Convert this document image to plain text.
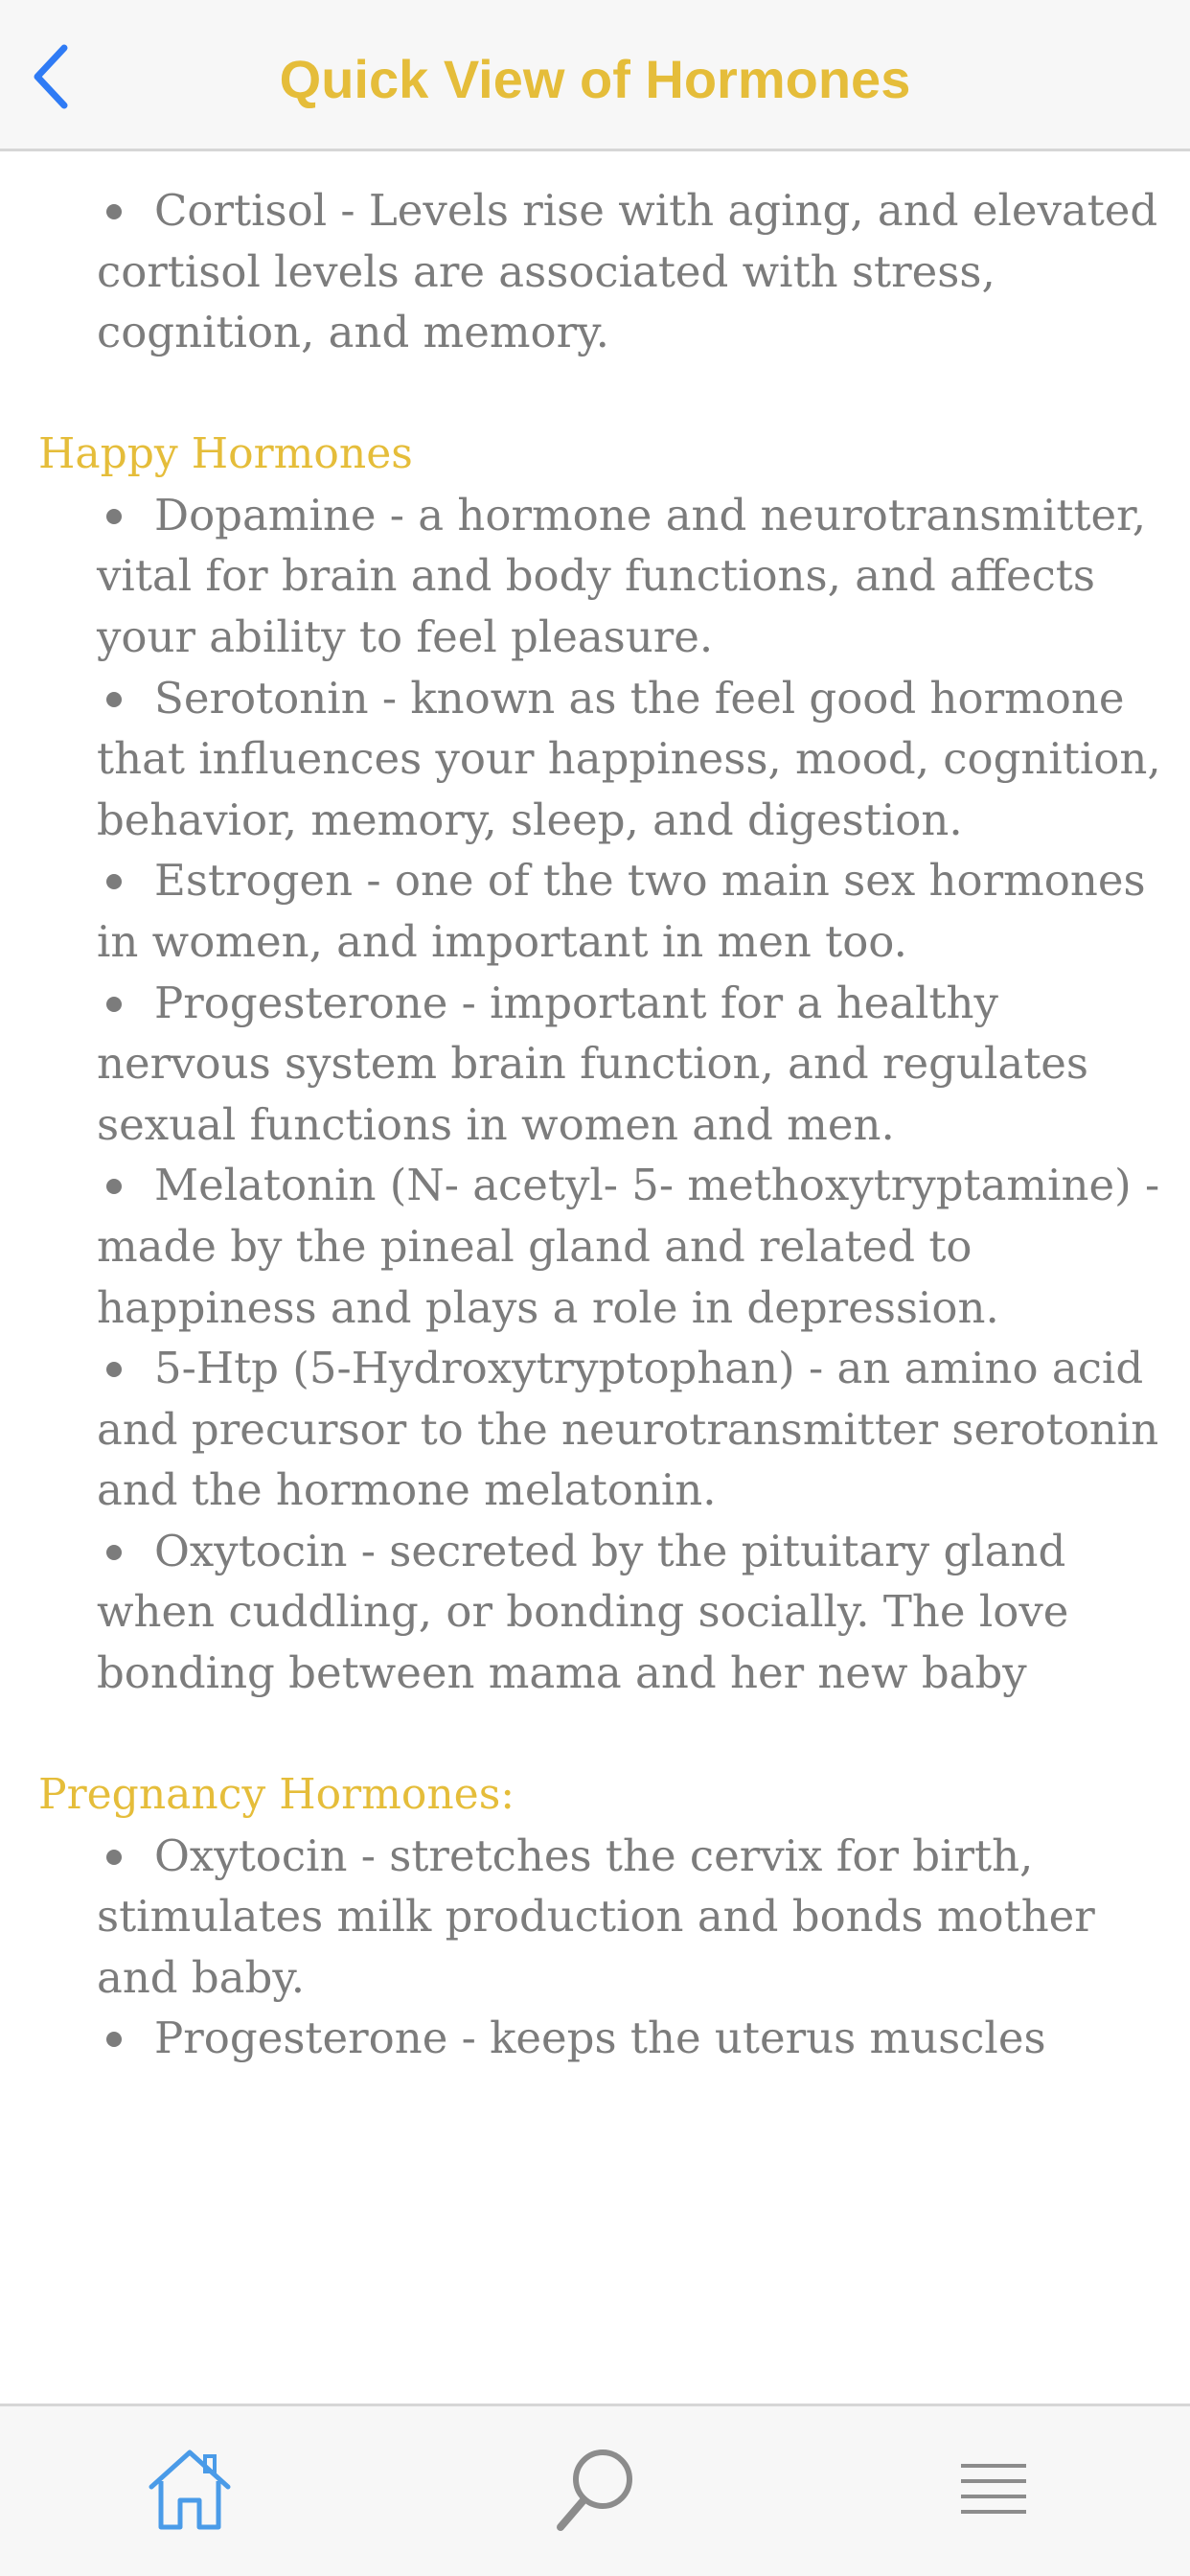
Quick View of Hormones

Cortisol - Levels rise with aging, and elevated cortisol levels are associated with stress, cognition, and memory.

Happy Hormones

Dopamine - a hormone and neurotransmitter, vital for brain and body functions, and affects your ability to feel pleasure.

Serotonin - known as the feel good hormone that influences your happiness, mood, cognition, behavior, memory, sleep, and digestion.

Estrogen - one of the two main sex hormones in women, and important in men too.

Progesterone - important for a healthy nervous system brain function, and regulates sexual functions in women and men.

Melatonin (N- acetyl- 5- methoxytryptamine) - made by the pineal gland and related to happiness and plays a role in depression.

5-Htp (5-Hydroxytryptophan) - an amino acid and precursor to the neurotransmitter serotonin and the hormone melatonin.

Oxytocin - secreted by the pituitary gland when cuddling, or bonding socially. The love bonding between mama and her new baby

Pregnancy Hormones:

Oxytocin - stretches the cervix for birth, stimulates milk production and bonds mother and baby.

Progesterone - keeps the uterus muscles
